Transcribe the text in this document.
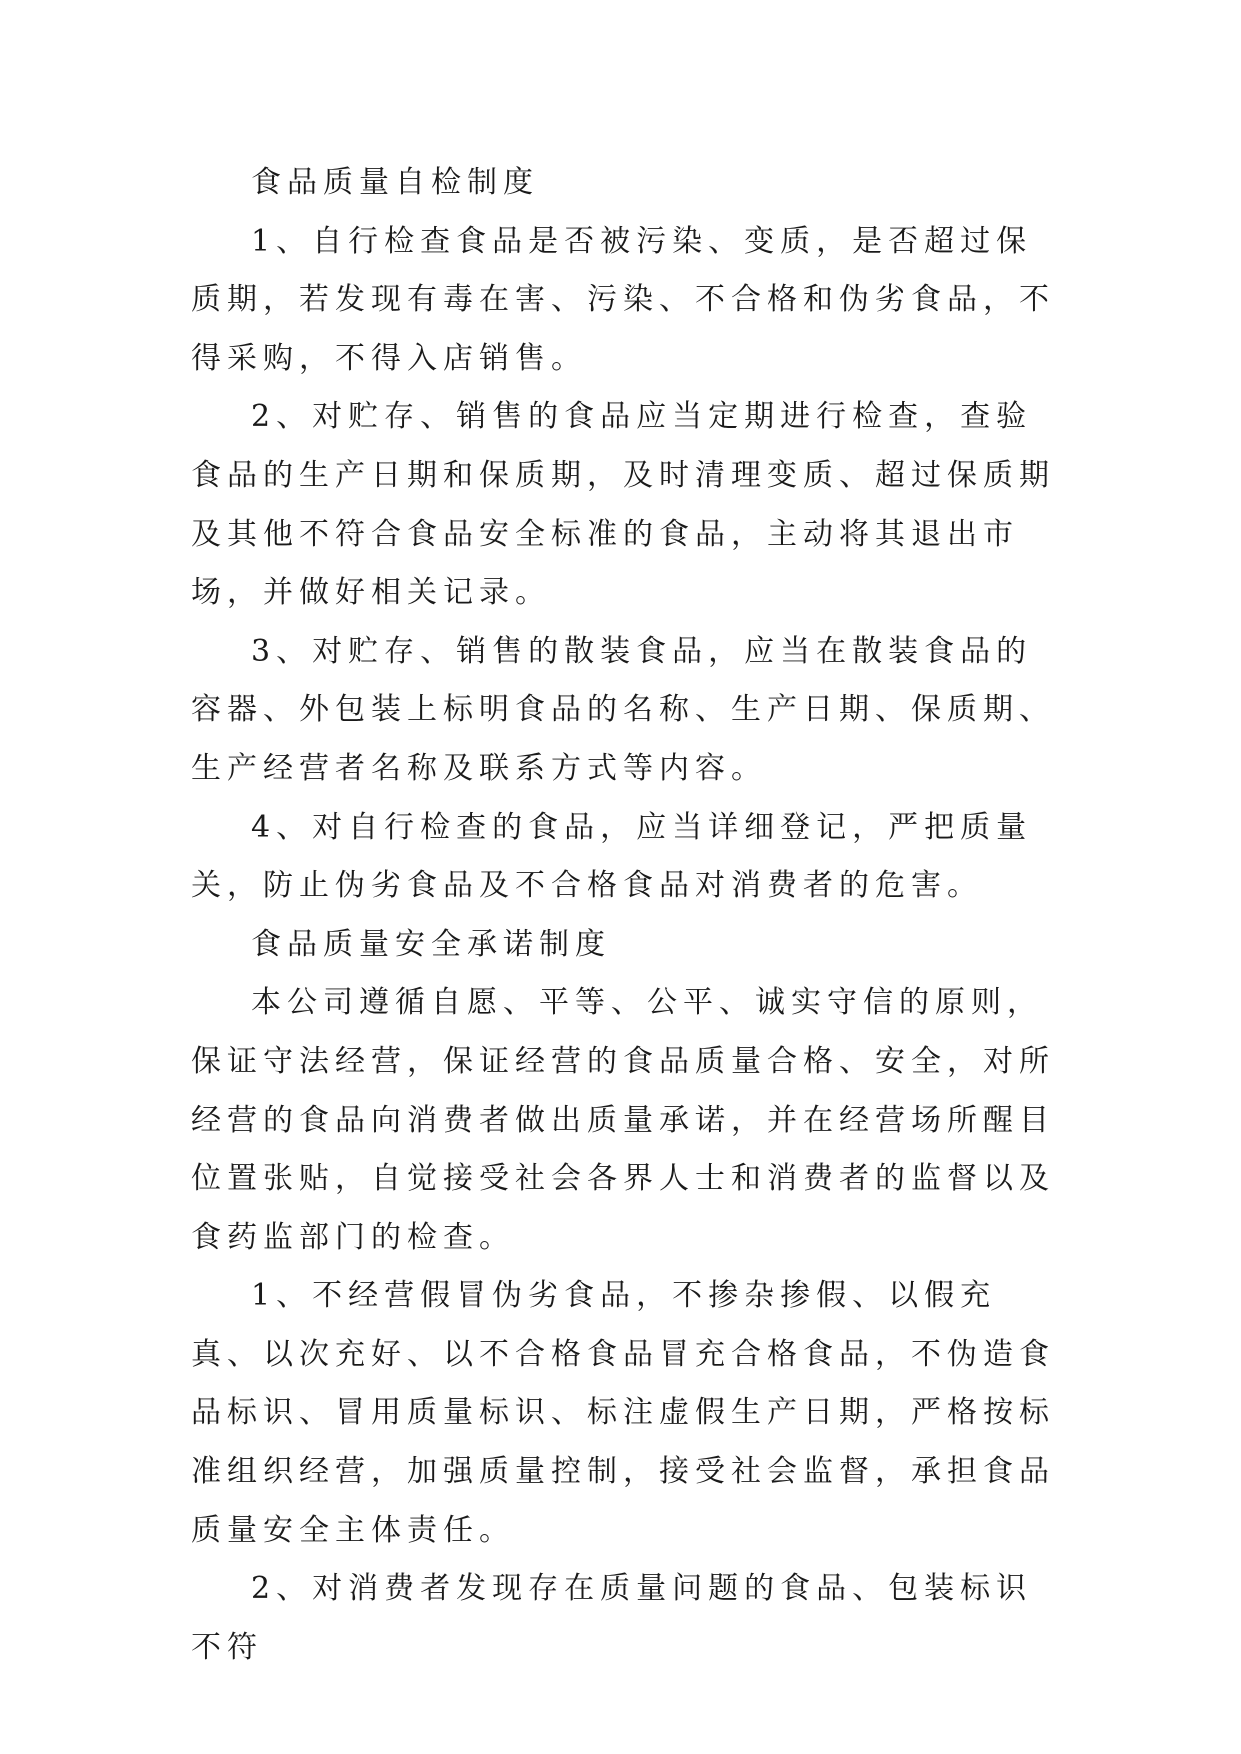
食品质量自检制度

1、自行检查食品是否被污染、变质，是否超过保质期，若发现有毒在害、污染、不合格和伪劣食品，不得采购，不得入店销售。

2、对贮存、销售的食品应当定期进行检查，查验食品的生产日期和保质期，及时清理变质、超过保质期及其他不符合食品安全标准的食品，主动将其退出市场，并做好相关记录。

3、对贮存、销售的散装食品，应当在散装食品的容器、外包装上标明食品的名称、生产日期、保质期、生产经营者名称及联系方式等内容。

4、对自行检查的食品，应当详细登记，严把质量关，防止伪劣食品及不合格食品对消费者的危害。

食品质量安全承诺制度

本公司遵循自愿、平等、公平、诚实守信的原则，保证守法经营，保证经营的食品质量合格、安全，对所经营的食品向消费者做出质量承诺，并在经营场所醒目位置张贴，自觉接受社会各界人士和消费者的监督以及食药监部门的检查。

1、不经营假冒伪劣食品，不掺杂掺假、以假充真、以次充好、以不合格食品冒充合格食品，不伪造食品标识、冒用质量标识、标注虚假生产日期，严格按标准组织经营，加强质量控制，接受社会监督，承担食品质量安全主体责任。

2、对消费者发现存在质量问题的食品、包装标识不符
